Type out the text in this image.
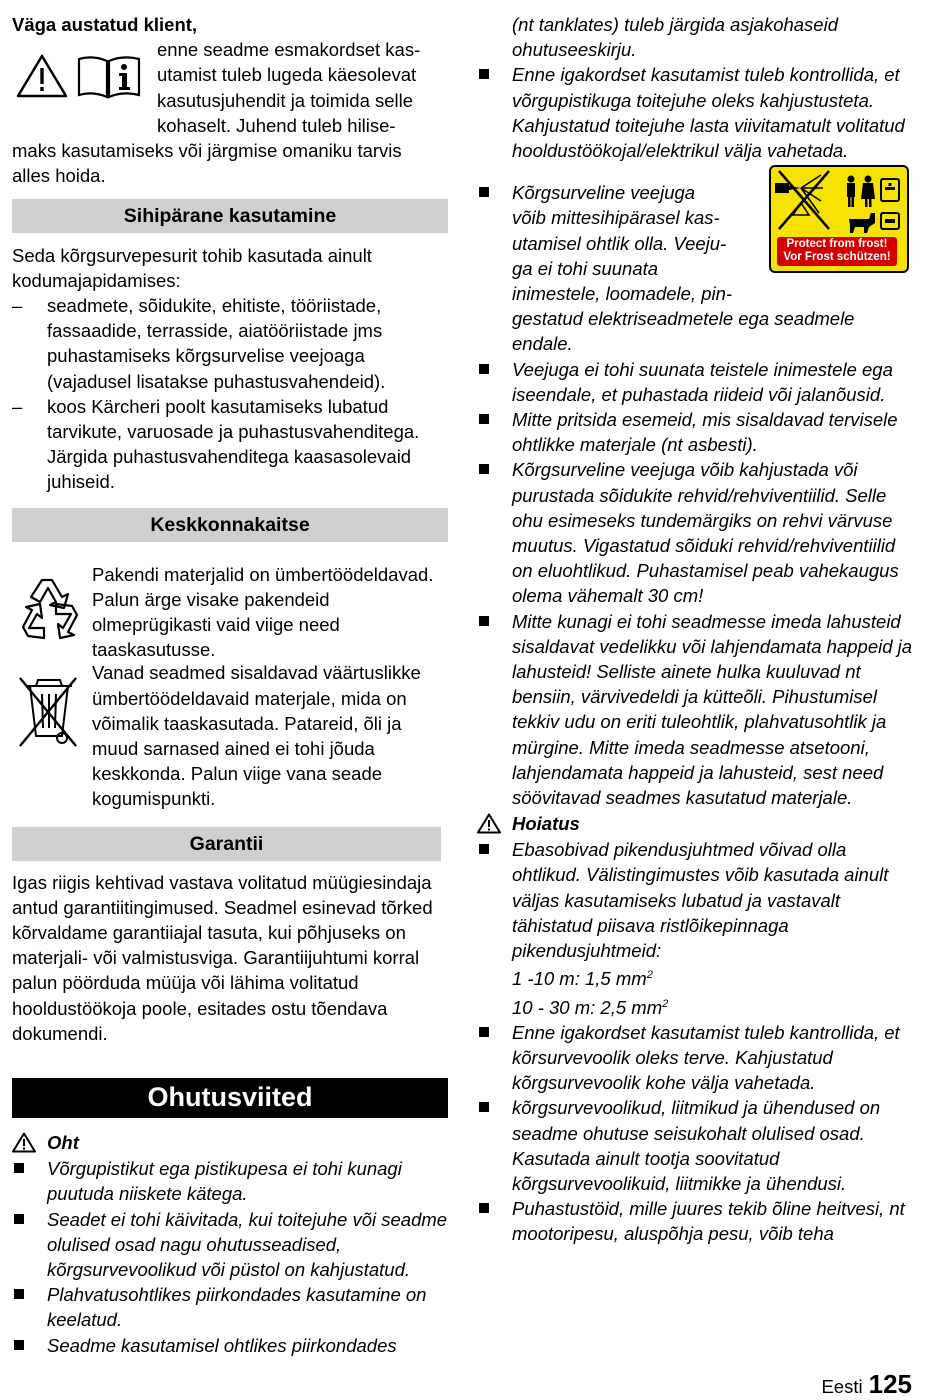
Väga austatud klient,

enne seadme esmakordset kas-

utamist tuleb lugeda käesolevat

kasutusjuhendit ja toimida selle

kohaselt. Juhend tuleb hilise-

maks kasutamiseks või järgmise omaniku tarvis

alles hoida.

Sihipärane kasutamine

Seda kõrgsurvepesurit tohib kasutada ainult kodumajapidamises:

– seadmete, sõidukite, ehitiste, tööriistade, fassaadide, terrasside, aiatööriistade jms puhastamiseks kõrgsurvelise veejoaga (vajadusel lisatakse puhastusvahendeid).
– koos Kärcheri poolt kasutamiseks lubatud tarvikute, varuosade ja puhastusvahenditega. Järgida puhastusvahenditega kaasasolevaid juhiseid.
Keskkonnakaitse

Pakendi materjalid on ümbertöödeldavad. Palun ärge visake pakendeid olmeprügikasti vaid viige need taaskasutusse.

Vanad seadmed sisaldavad väärtuslikke ümbertöödeldavaid materjale, mida on võimalik taaskasutada. Patareid, õli ja muud sarnased ained ei tohi jõuda keskkonda. Palun viige vana seade kogumispunkti.

Garantii

Igas riigis kehtivad vastava volitatud müügiesindaja antud garantiitingimused. Seadmel esinevad tõrked kõrvaldame garantiiajal tasuta, kui põhjuseks on materjali- või valmistusviga. Garantiijuhtumi korral palun pöörduda müüja või lähima volitatud hooldustöökoja poole, esitades ostu tõendava dokumendi.

Ohutusviited
Oht
Võrgupistikut ega pistikupesa ei tohi kunagi puutuda niiskete kätega.
Seadet ei tohi käivitada, kui toitejuhe või seadme olulised osad nagu ohutusseadised, kõrgsurvevoolikud või püstol on kahjustatud.
Plahvatusohtlikes piirkondades kasutamine on keelatud.
Seadme kasutamisel ohtlikes piirkondades
(nt tanklates) tuleb järgida asjakohaseid ohutuseeskirju.
Enne igakordset kasutamist tuleb kontrollida, et võrgupistikuga toitejuhe oleks kahjustusteta. Kahjustatud toitejuhe lasta viivitamatult volitatud hooldustöökojal/elektrikul välja vahetada.

Kõrgsurveline veejuga

võib mittesihipärasel kas-

utamisel ohtlik olla. Veeju-

ga ei tohi suunata

inimestele, loomadele, pin-

Protect from frost!
Vor Frost schützen!

gestatud elektriseadmetele ega seadmele

endale.

Veejuga ei tohi suunata teistele inimestele ega iseendale, et puhastada riideid või jalanõusid.
Mitte pritsida esemeid, mis sisaldavad tervisele ohtlikke materjale (nt asbesti).
Kõrgsurveline veejuga võib kahjustada või purustada sõidukite rehvid/rehviventiilid. Selle ohu esimeseks tundemärgiks on rehvi värvuse muutus. Vigastatud sõiduki rehvid/rehviventiilid on eluohtlikud. Puhastamisel peab vahekaugus olema vähemalt 30 cm!
Mitte kunagi ei tohi seadmesse imeda lahusteid sisaldavat vedelikku või lahjendamata happeid ja lahusteid! Selliste ainete hulka kuuluvad nt bensiin, värvivedeldi ja kütteõli. Pihustumisel tekkiv udu on eriti tuleohtlik, plahvatusohtlik ja mürgine. Mitte imeda seadmesse atsetooni, lahjendamata happeid ja lahusteid, sest need söövitavad seadmes kasutatud materjale.
Hoiatus
Ebasobivad pikendusjuhtmed võivad olla ohtlikud. Välistingimustes võib kasutada ainult väljas kasutamiseks lubatud ja vastavalt tähistatud piisava ristlõikepinnaga pikendusjuhtmeid:

1 -10 m: 1,5 $mm^2$

10 - 30 m: 2,5 $mm^2$

Enne igakordset kasutamist tuleb kantrollida, et kõrsurvevoolik oleks terve. Kahjustatud kõrgsurvevoolik kohe välja vahetada.
kõrgsurvevoolikud, liitmikud ja ühendused on seadme ohutuse seisukohalt olulised osad. Kasutada ainult tootja soovitatud kõrgsurvevoolikuid, liitmikke ja ühendusi.
Puhastustöid, mille juures tekib õline heitvesi, nt mootoripesu, aluspõhja pesu, võib teha
Eesti 125
